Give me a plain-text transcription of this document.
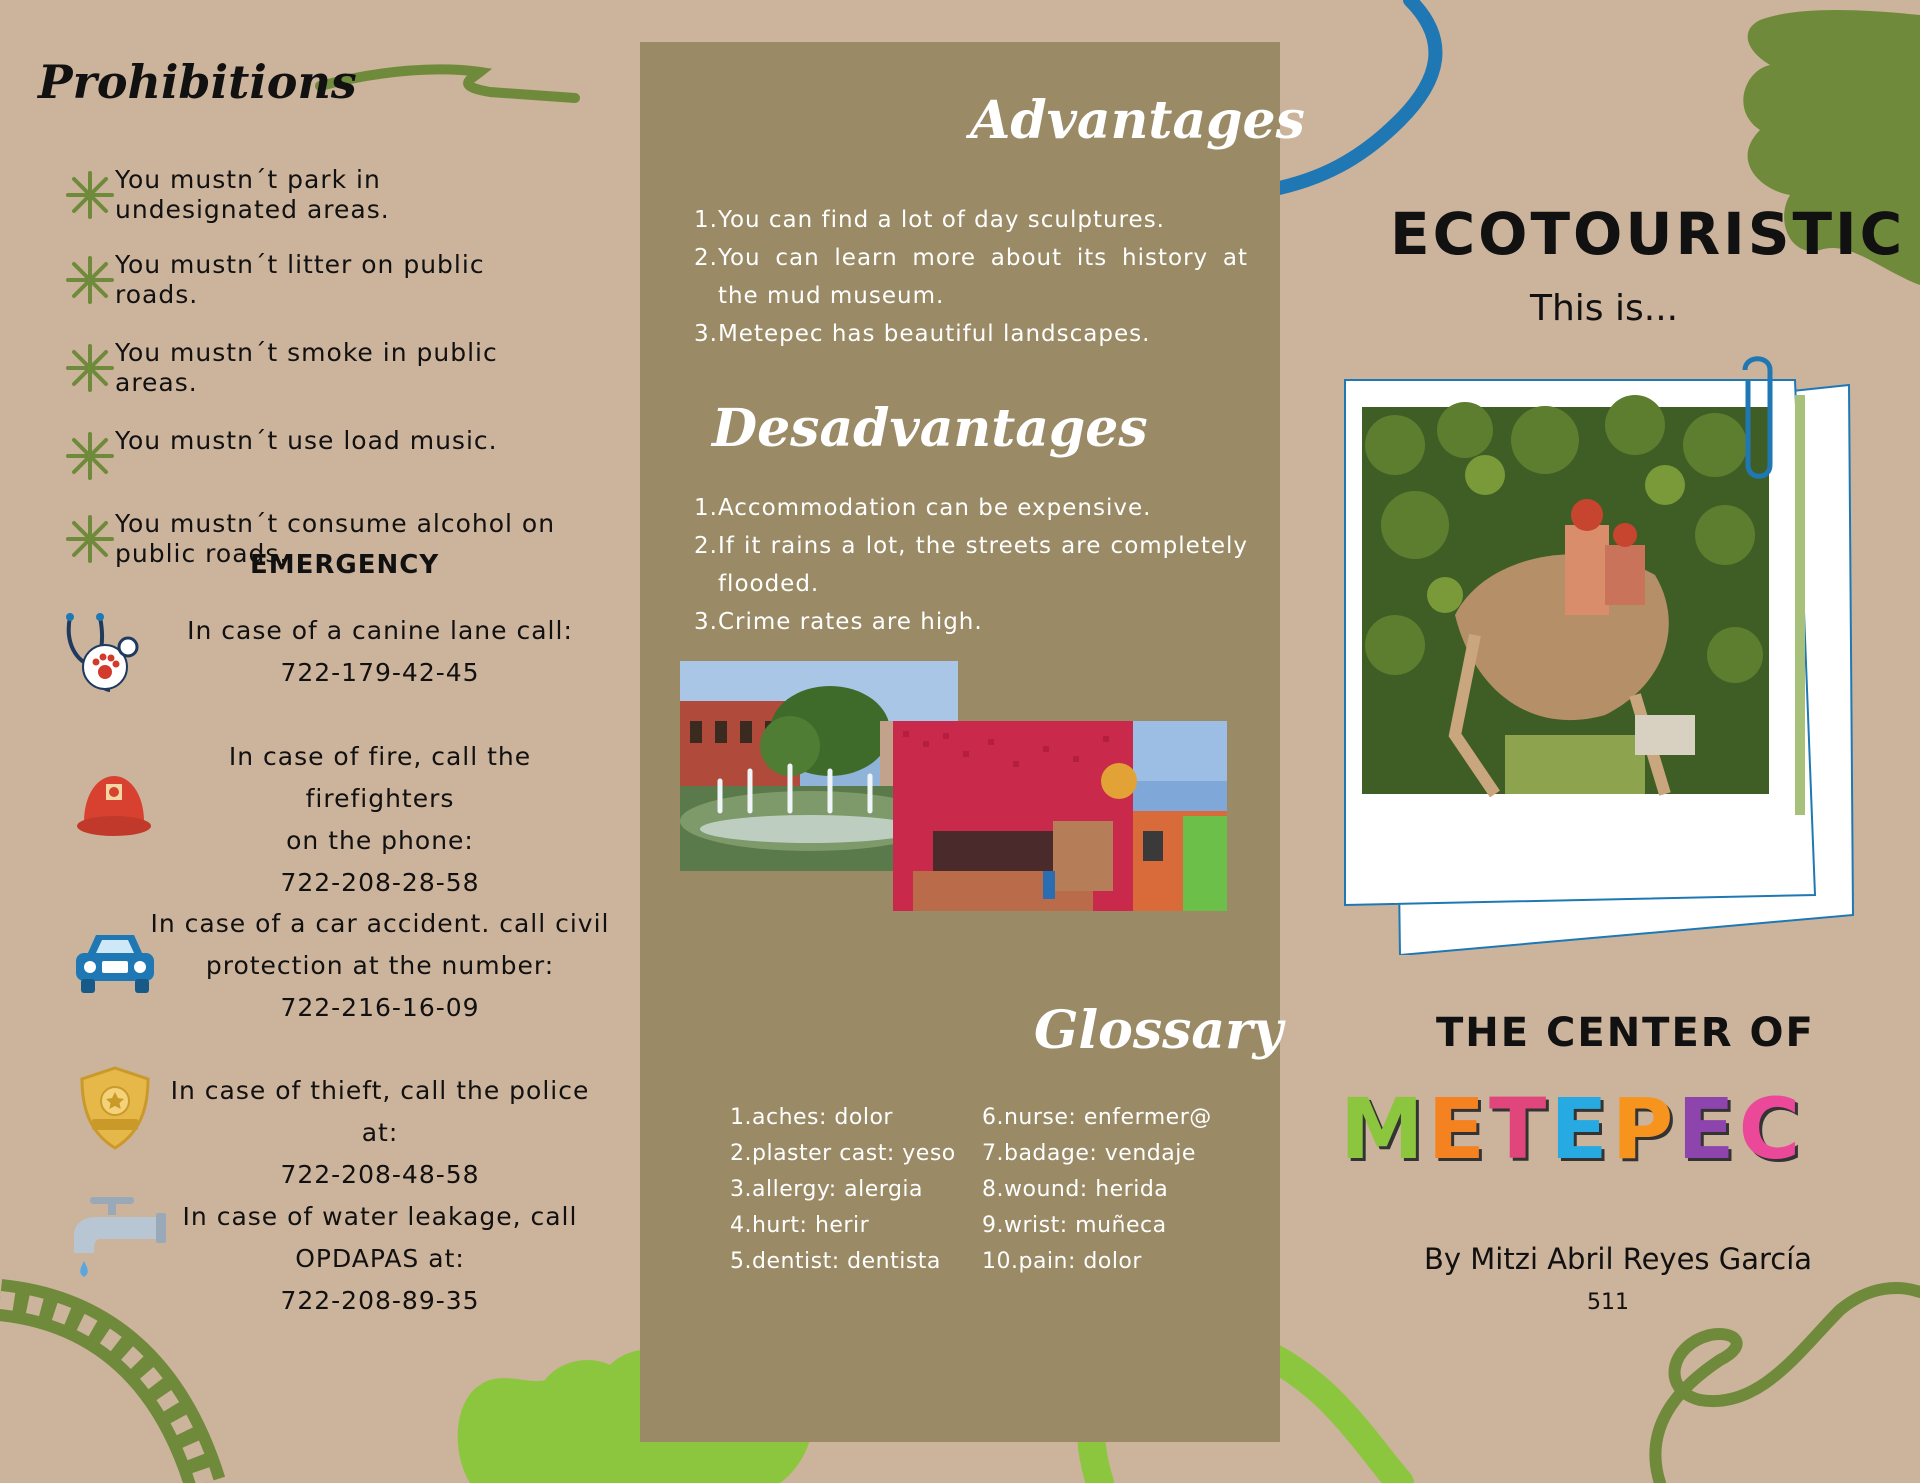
Prohibitions
You mustn´t park in undesignated areas.
You mustn´t litter on public roads.
You mustn´t smoke in public areas.
You mustn´t use load music.
You mustn´t consume alcohol on public roads.
EMERGENCY
In case of a canine lane call:
722-179-42-45
In case of fire, call the firefighters
on the phone:
722-208-28-58
In case of a car accident. call civil
protection at the number:
722-216-16-09
In case of thieft, call the police at:
722-208-48-58
In case of water leakage, call
OPDAPAS at:
722-208-89-35
Advantages
1. You can find a lot of day sculptures.
2. You can learn more about its history at the mud museum.
3. Metepec has beautiful landscapes.
Desadvantages
1. Accommodation can be expensive.
2. If it rains a lot, the streets are completely flooded.
3. Crime rates are high.
Glossary
1.aches: dolor
2.plaster cast: yeso
3.allergy: alergia
4.hurt: herir
5.dentist: dentista
6.nurse: enfermer@
7.badage: vendaje
8.wound: herida
9.wrist: muñeca
10.pain: dolor
ECOTOURISTIC
This is...
THE CENTER OF
METEPEC
By Mitzi Abril Reyes García
511
